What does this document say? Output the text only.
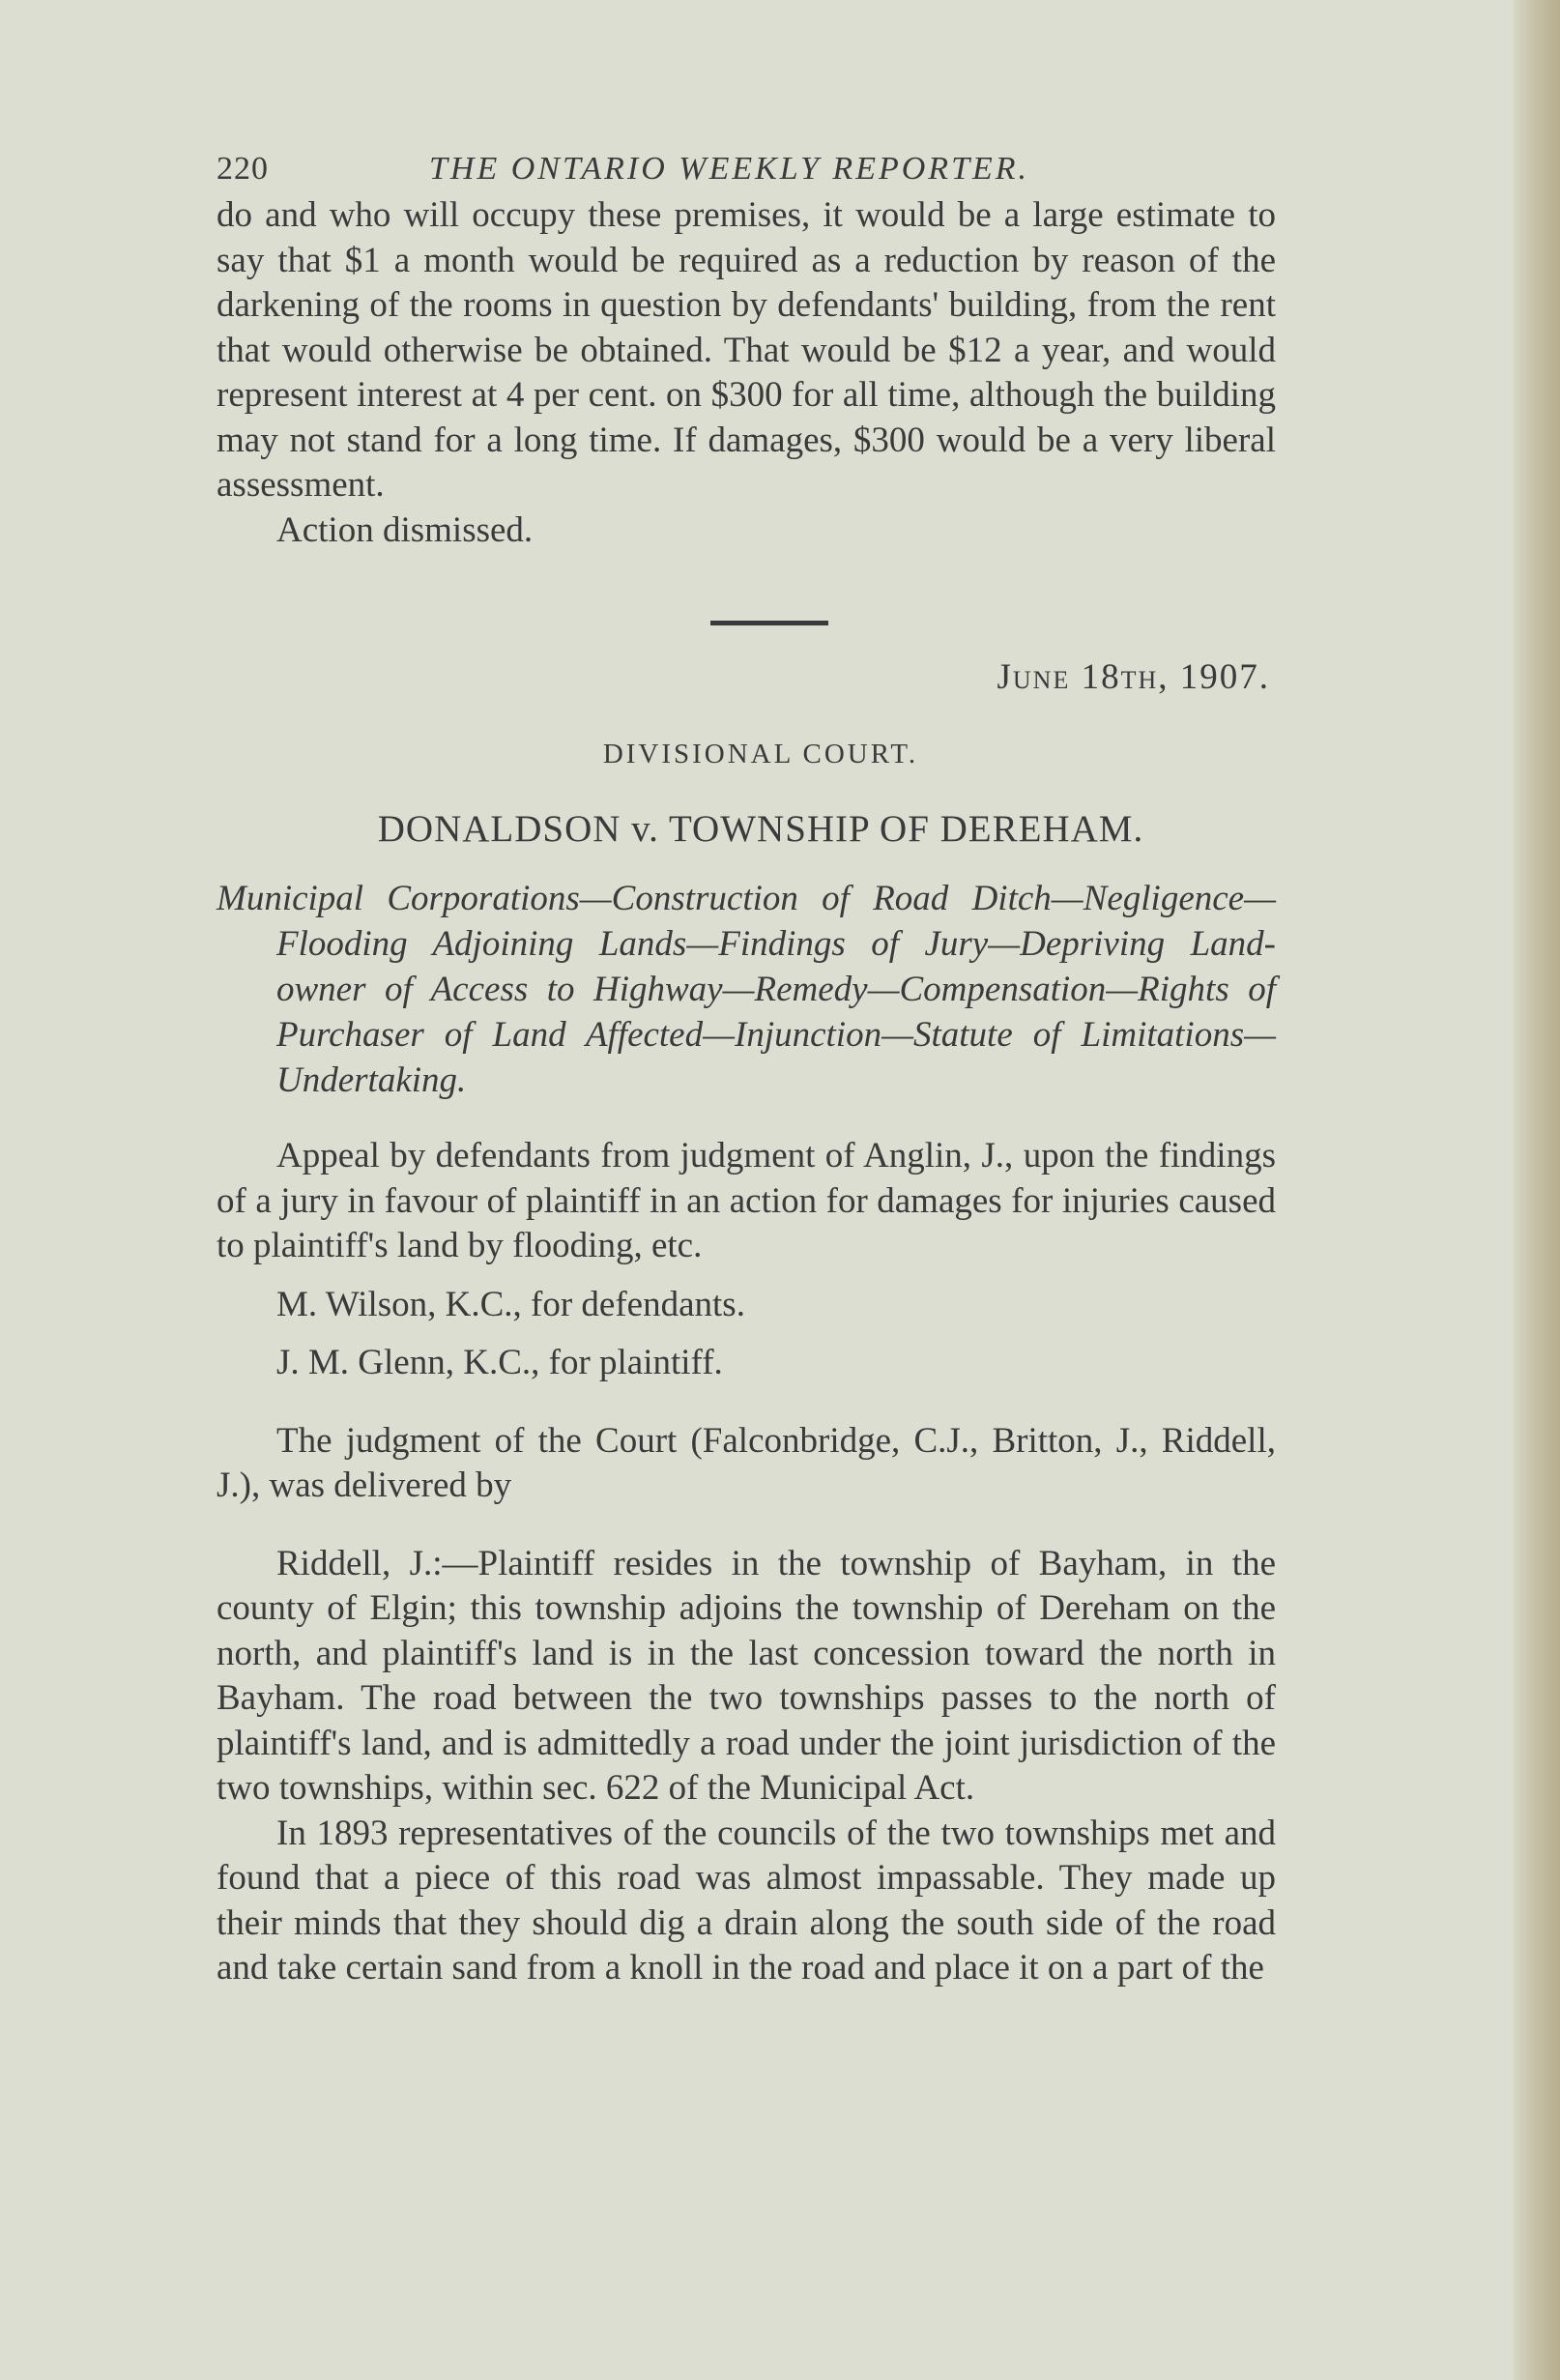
220	THE ONTARIO WEEKLY REPORTER.

do and who will occupy these premises, it would be a large estimate to say that $1 a month would be required as a reduction by reason of the darkening of the rooms in question by defendants' building, from the rent that would otherwise be obtained. That would be $12 a year, and would represent interest at 4 per cent. on $300 for all time, although the building may not stand for a long time. If damages, $300 would be a very liberal assessment.

Action dismissed.

June 18th, 1907.
DIVISIONAL COURT.
DONALDSON v. TOWNSHIP OF DEREHAM.

Municipal Corporations—Construction of Road Ditch—Negligence—Flooding Adjoining Lands—Findings of Jury—Depriving Land-owner of Access to Highway—Remedy—Compensation—Rights of Purchaser of Land Affected—Injunction—Statute of Limitations—Undertaking.

Appeal by defendants from judgment of Anglin, J., upon the findings of a jury in favour of plaintiff in an action for damages for injuries caused to plaintiff's land by flooding, etc.

M. Wilson, K.C., for defendants.

J. M. Glenn, K.C., for plaintiff.

The judgment of the Court (Falconbridge, C.J., Britton, J., Riddell, J.), was delivered by

Riddell, J.:—Plaintiff resides in the township of Bayham, in the county of Elgin; this township adjoins the township of Dereham on the north, and plaintiff's land is in the last concession toward the north in Bayham. The road between the two townships passes to the north of plaintiff's land, and is admittedly a road under the joint jurisdiction of the two townships, within sec. 622 of the Municipal Act.

In 1893 representatives of the councils of the two townships met and found that a piece of this road was almost impassable. They made up their minds that they should dig a drain along the south side of the road and take certain sand from a knoll in the road and place it on a part of the
